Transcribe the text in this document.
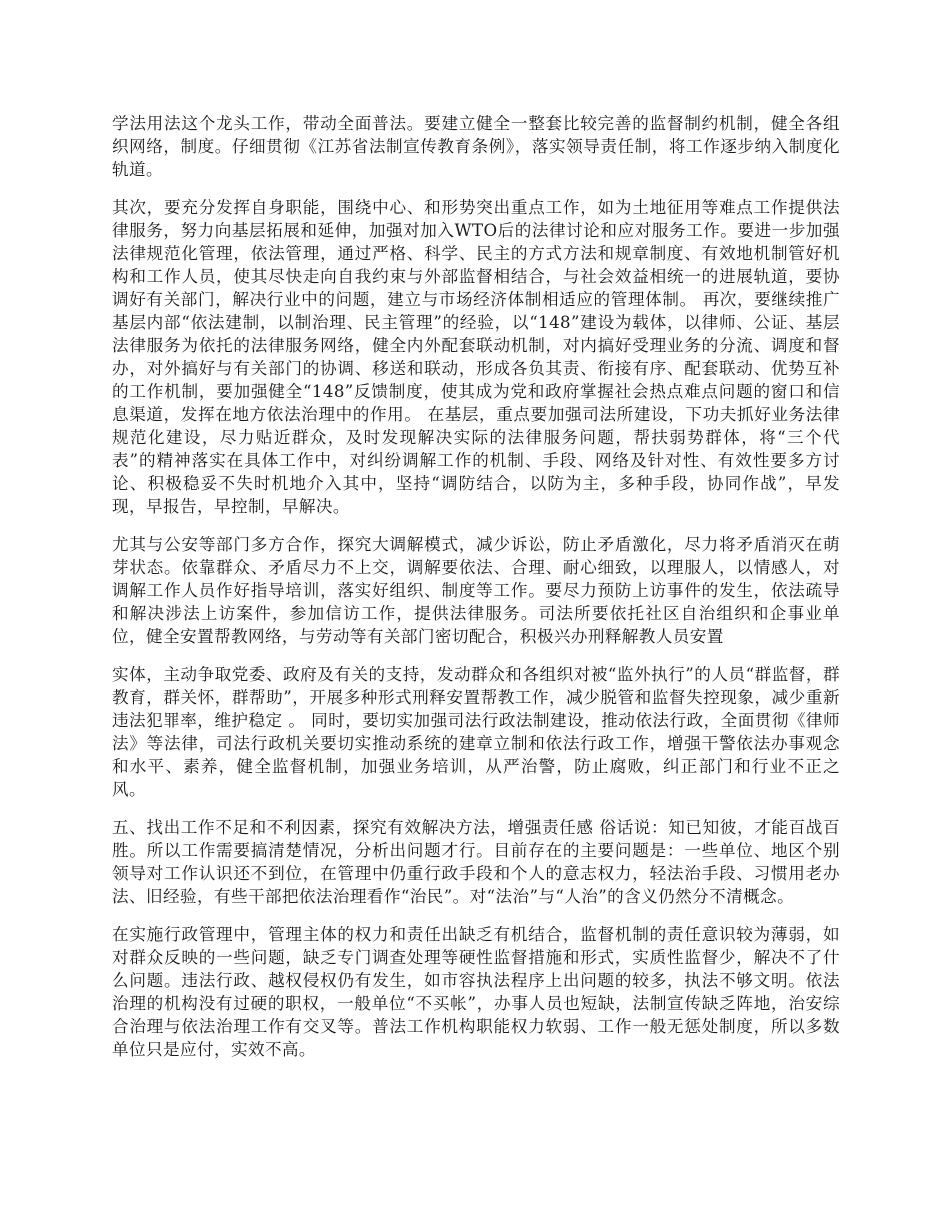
学法用法这个龙头工作，带动全面普法。要建立健全一整套比较完善的监督制约机制，健全各组织网络，制度。仔细贯彻《江苏省法制宣传教育条例》，落实领导责任制，将工作逐步纳入制度化轨道。

其次，要充分发挥自身职能，围绕中心、和形势突出重点工作，如为土地征用等难点工作提供法律服务，努力向基层拓展和延伸，加强对加入WTO后的法律讨论和应对服务工作。要进一步加强法律规范化管理，依法管理，通过严格、科学、民主的方式方法和规章制度、有效地机制管好机构和工作人员，使其尽快走向自我约束与外部监督相结合，与社会效益相统一的进展轨道，要协调好有关部门，解决行业中的问题，建立与市场经济体制相适应的管理体制。 再次，要继续推广基层内部“依法建制，以制治理、民主管理”的经验，以“148”建设为载体，以律师、公证、基层法律服务为依托的法律服务网络，健全内外配套联动机制，对内搞好受理业务的分流、调度和督办，对外搞好与有关部门的协调、移送和联动，形成各负其责、衔接有序、配套联动、优势互补的工作机制，要加强健全“148”反馈制度，使其成为党和政府掌握社会热点难点问题的窗口和信息渠道，发挥在地方依法治理中的作用。 在基层，重点要加强司法所建设，下功夫抓好业务法律规范化建设，尽力贴近群众，及时发现解决实际的法律服务问题，帮扶弱势群体，将“三个代表”的精神落实在具体工作中，对纠纷调解工作的机制、手段、网络及针对性、有效性要多方讨论、积极稳妥不失时机地介入其中，坚持“调防结合，以防为主，多种手段，协同作战”，早发现，早报告，早控制，早解决。

尤其与公安等部门多方合作，探究大调解模式，减少诉讼，防止矛盾激化，尽力将矛盾消灭在萌芽状态。依靠群众、矛盾尽力不上交，调解要依法、合理、耐心细致，以理服人，以情感人，对调解工作人员作好指导培训，落实好组织、制度等工作。要尽力预防上访事件的发生，依法疏导和解决涉法上访案件，参加信访工作，提供法律服务。司法所要依托社区自治组织和企事业单位，健全安置帮教网络，与劳动等有关部门密切配合，积极兴办刑释解教人员安置

实体，主动争取党委、政府及有关的支持，发动群众和各组织对被“监外执行”的人员“群监督，群教育，群关怀，群帮助”，开展多种形式刑释安置帮教工作，减少脱管和监督失控现象，减少重新违法犯罪率，维护稳定 。 同时，要切实加强司法行政法制建设，推动依法行政，全面贯彻《律师法》等法律，司法行政机关要切实推动系统的建章立制和依法行政工作，增强干警依法办事观念和水平、素养，健全监督机制，加强业务培训，从严治警，防止腐败，纠正部门和行业不正之风。

五、找出工作不足和不利因素，探究有效解决方法，增强责任感 俗话说：知已知彼，才能百战百胜。所以工作需要搞清楚情况，分析出问题才行。目前存在的主要问题是：一些单位、地区个别领导对工作认识还不到位，在管理中仍重行政手段和个人的意志权力，轻法治手段、习惯用老办法、旧经验，有些干部把依法治理看作“治民”。对“法治”与“人治”的含义仍然分不清概念。

在实施行政管理中，管理主体的权力和责任出缺乏有机结合，监督机制的责任意识较为薄弱，如对群众反映的一些问题，缺乏专门调查处理等硬性监督措施和形式，实质性监督少，解决不了什么问题。违法行政、越权侵权仍有发生，如市容执法程序上出问题的较多，执法不够文明。依法治理的机构没有过硬的职权，一般单位“不买帐”，办事人员也短缺，法制宣传缺乏阵地，治安综合治理与依法治理工作有交叉等。普法工作机构职能权力软弱、工作一般无惩处制度，所以多数单位只是应付，实效不高。
